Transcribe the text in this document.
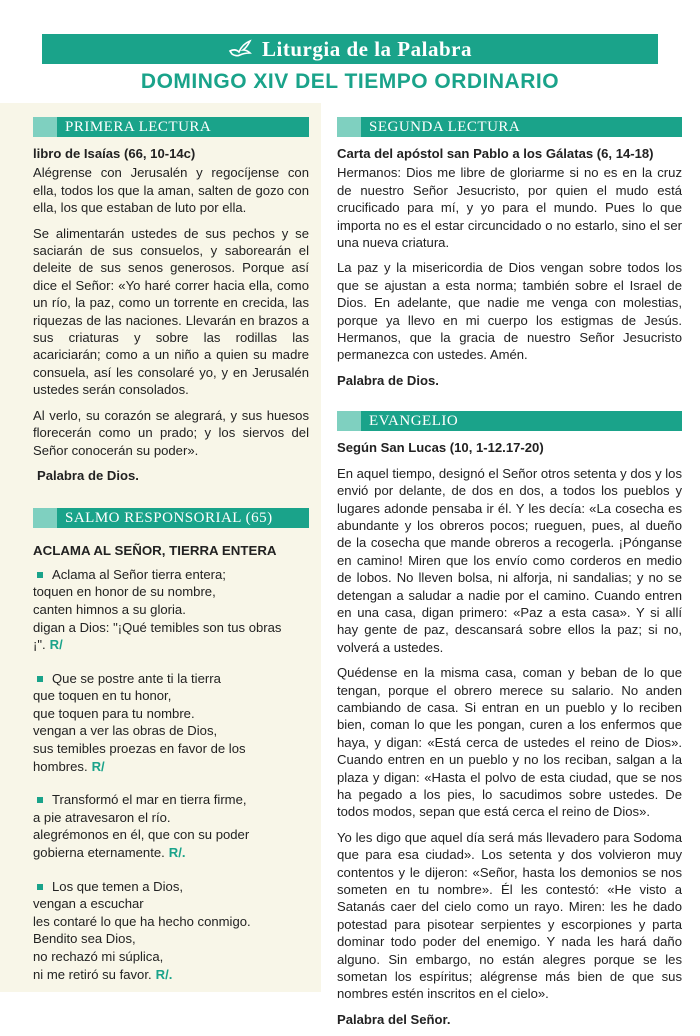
Liturgia de la Palabra
DOMINGO XIV DEL TIEMPO ORDINARIO
PRIMERA LECTURA
libro de Isaías (66, 10-14c)

Alégrense con Jerusalén y regocíjense con ella, todos los que la aman, salten de gozo con ella, los que estaban de luto por ella.

Se alimentarán ustedes de sus pechos y se saciarán de sus consuelos, y saborearán el deleite de sus senos generosos. Porque así dice el Señor: «Yo haré correr hacia ella, como un río, la paz, como un torrente en crecida, las riquezas de las naciones. Llevarán en brazos a sus criaturas y sobre las rodillas las acariciarán; como a un niño a quien su madre consuela, así les consolaré yo, y en Jerusalén ustedes serán consolados.

Al verlo, su corazón se alegrará, y sus huesos florecerán como un prado; y los siervos del Señor conocerán su poder».

Palabra de Dios.

SALMO RESPONSORIAL (65)
ACLAMA AL SEÑOR, TIERRA ENTERA
Aclama al Señor tierra entera;
toquen en honor de su nombre,
canten himnos a su gloria.
digan a Dios: "¡Qué temibles son tus obras ¡". R/
Que se postre ante ti la tierra
que toquen en tu honor,
que toquen para tu nombre.
vengan a ver las obras de Dios,
sus temibles proezas en favor de los hombres. R/
Transformó el mar en tierra firme,
a pie atravesaron el río.
alegrémonos en él, que con su poder
gobierna eternamente. R/.
Los que temen a Dios,
vengan a escuchar
les contaré lo que ha hecho conmigo.
Bendito sea Dios,
no rechazó mi súplica,
ni me retiró su favor. R/.
SEGUNDA LECTURA
Carta del apóstol san Pablo a los Gálatas (6, 14-18)

Hermanos: Dios me libre de gloriarme si no es en la cruz de nuestro Señor Jesucristo, por quien el mudo está crucificado para mí, y yo para el mundo. Pues lo que importa no es el estar circuncidado o no estarlo, sino el ser una nueva criatura.

La paz y la misericordia de Dios vengan sobre todos los que se ajustan a esta norma; también sobre el Israel de Dios. En adelante, que nadie me venga con molestias, porque ya llevo en mi cuerpo los estigmas de Jesús. Hermanos, que la gracia de nuestro Señor Jesucristo permanezca con ustedes. Amén.

Palabra de Dios.

EVANGELIO
Según San Lucas (10, 1-12.17-20)

En aquel tiempo, designó el Señor otros setenta y dos y los envió por delante, de dos en dos, a todos los pueblos y lugares adonde pensaba ir él. Y les decía: «La cosecha es abundante y los obreros pocos; rueguen, pues, al dueño de la cosecha que mande obreros a recogerla. ¡Pónganse en camino! Miren que los envío como corderos en medio de lobos. No lleven bolsa, ni alforja, ni sandalias; y no se detengan a saludar a nadie por el camino. Cuando entren en una casa, digan primero: «Paz a esta casa». Y si allí hay gente de paz, descansará sobre ellos la paz; si no, volverá a ustedes.

Quédense en la misma casa, coman y beban de lo que tengan, porque el obrero merece su salario. No anden cambiando de casa. Si entran en un pueblo y lo reciben bien, coman lo que les pongan, curen a los enfermos que haya, y digan: «Está cerca de ustedes el reino de Dios». Cuando entren en un pueblo y no los reciban, salgan a la plaza y digan: «Hasta el polvo de esta ciudad, que se nos ha pegado a los pies, lo sacudimos sobre ustedes. De todos modos, sepan que está cerca el reino de Dios».

Yo les digo que aquel día será más llevadero para Sodoma que para esa ciudad». Los setenta y dos volvieron muy contentos y le dijeron: «Señor, hasta los demonios se nos someten en tu nombre». Él les contestó: «He visto a Satanás caer del cielo como un rayo. Miren: les he dado potestad para pisotear serpientes y escorpiones y parta dominar todo poder del enemigo. Y nada les hará daño alguno. Sin embargo, no están alegres porque se les sometan los espíritus; alégrense más bien de que sus nombres estén inscritos en el cielo».

Palabra del Señor.
